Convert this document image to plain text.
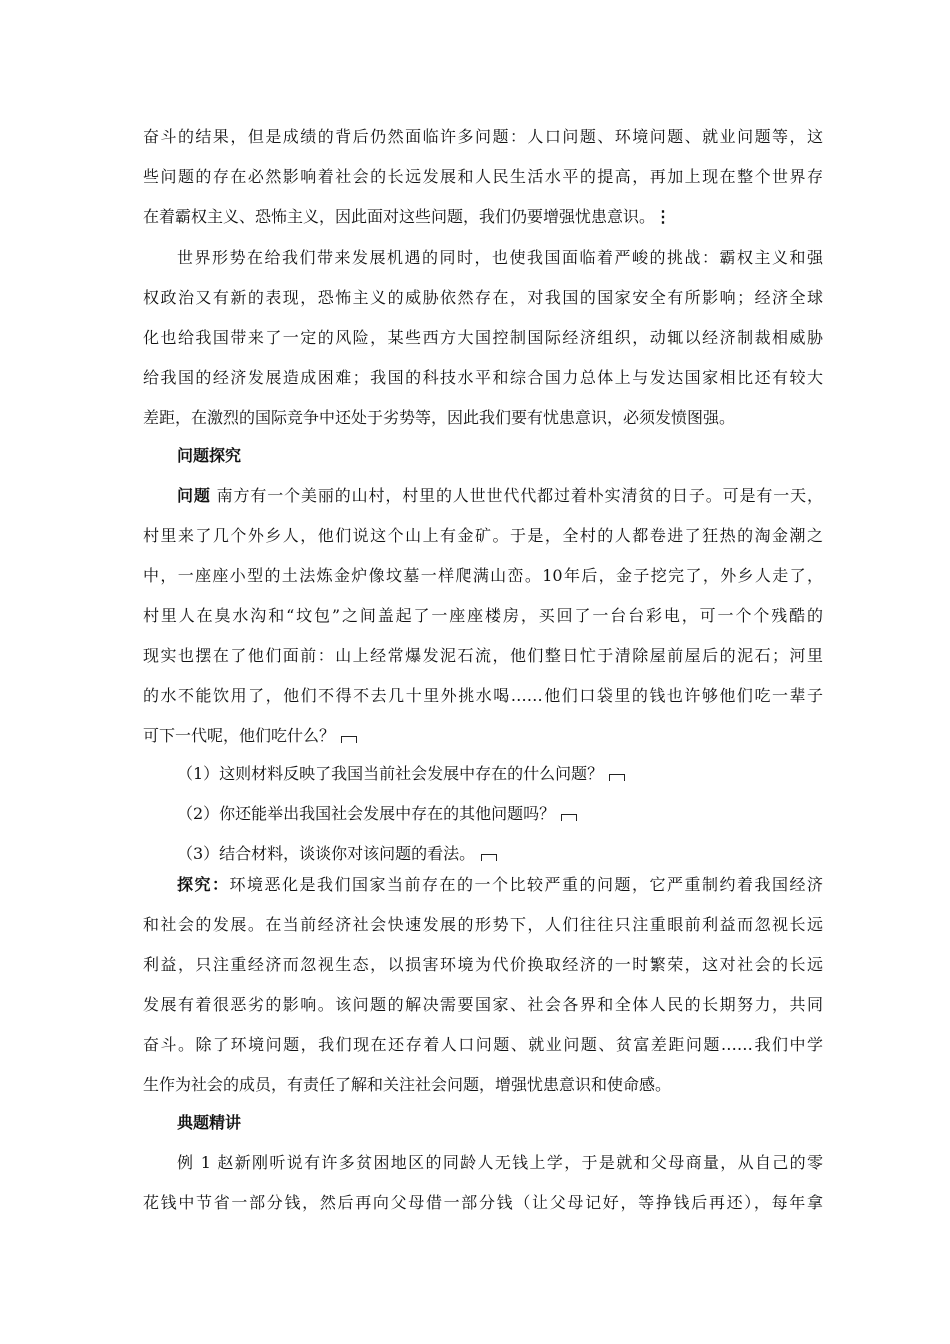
奋斗的结果，但是成绩的背后仍然面临许多问题：人口问题、环境问题、就业问题等，这
些问题的存在必然影响着社会的长远发展和人民生活水平的提高，再加上现在整个世界存
在着霸权主义、恐怖主义，因此面对这些问题，我们仍要增强忧患意识。⋮
世界形势在给我们带来发展机遇的同时，也使我国面临着严峻的挑战：霸权主义和强
权政治又有新的表现，恐怖主义的威胁依然存在，对我国的国家安全有所影响；经济全球
化也给我国带来了一定的风险，某些西方大国控制国际经济组织，动辄以经济制裁相威胁
给我国的经济发展造成困难；我国的科技水平和综合国力总体上与发达国家相比还有较大
差距，在激烈的国际竞争中还处于劣势等，因此我们要有忧患意识，必须发愤图强。
问题探究
问题 南方有一个美丽的山村，村里的人世世代代都过着朴实清贫的日子。可是有一天，
村里来了几个外乡人，他们说这个山上有金矿。于是，全村的人都卷进了狂热的淘金潮之
中，一座座小型的土法炼金炉像坟墓一样爬满山峦。10年后，金子挖完了，外乡人走了，
村里人在臭水沟和“坟包”之间盖起了一座座楼房，买回了一台台彩电，可一个个残酷的
现实也摆在了他们面前：山上经常爆发泥石流，他们整日忙于清除屋前屋后的泥石；河里
的水不能饮用了，他们不得不去几十里外挑水喝……他们口袋里的钱也许够他们吃一辈子
可下一代呢，他们吃什么？
（1）这则材料反映了我国当前社会发展中存在的什么问题？
（2）你还能举出我国社会发展中存在的其他问题吗？
（3）结合材料，谈谈你对该问题的看法。
探究：环境恶化是我们国家当前存在的一个比较严重的问题，它严重制约着我国经济
和社会的发展。在当前经济社会快速发展的形势下，人们往往只注重眼前利益而忽视长远
利益，只注重经济而忽视生态，以损害环境为代价换取经济的一时繁荣，这对社会的长远
发展有着很恶劣的影响。该问题的解决需要国家、社会各界和全体人民的长期努力，共同
奋斗。除了环境问题，我们现在还存着人口问题、就业问题、贫富差距问题……我们中学
生作为社会的成员，有责任了解和关注社会问题，增强忧患意识和使命感。
典题精讲
例 1 赵新刚听说有许多贫困地区的同龄人无钱上学，于是就和父母商量，从自己的零
花钱中节省一部分钱，然后再向父母借一部分钱（让父母记好，等挣钱后再还），每年拿
